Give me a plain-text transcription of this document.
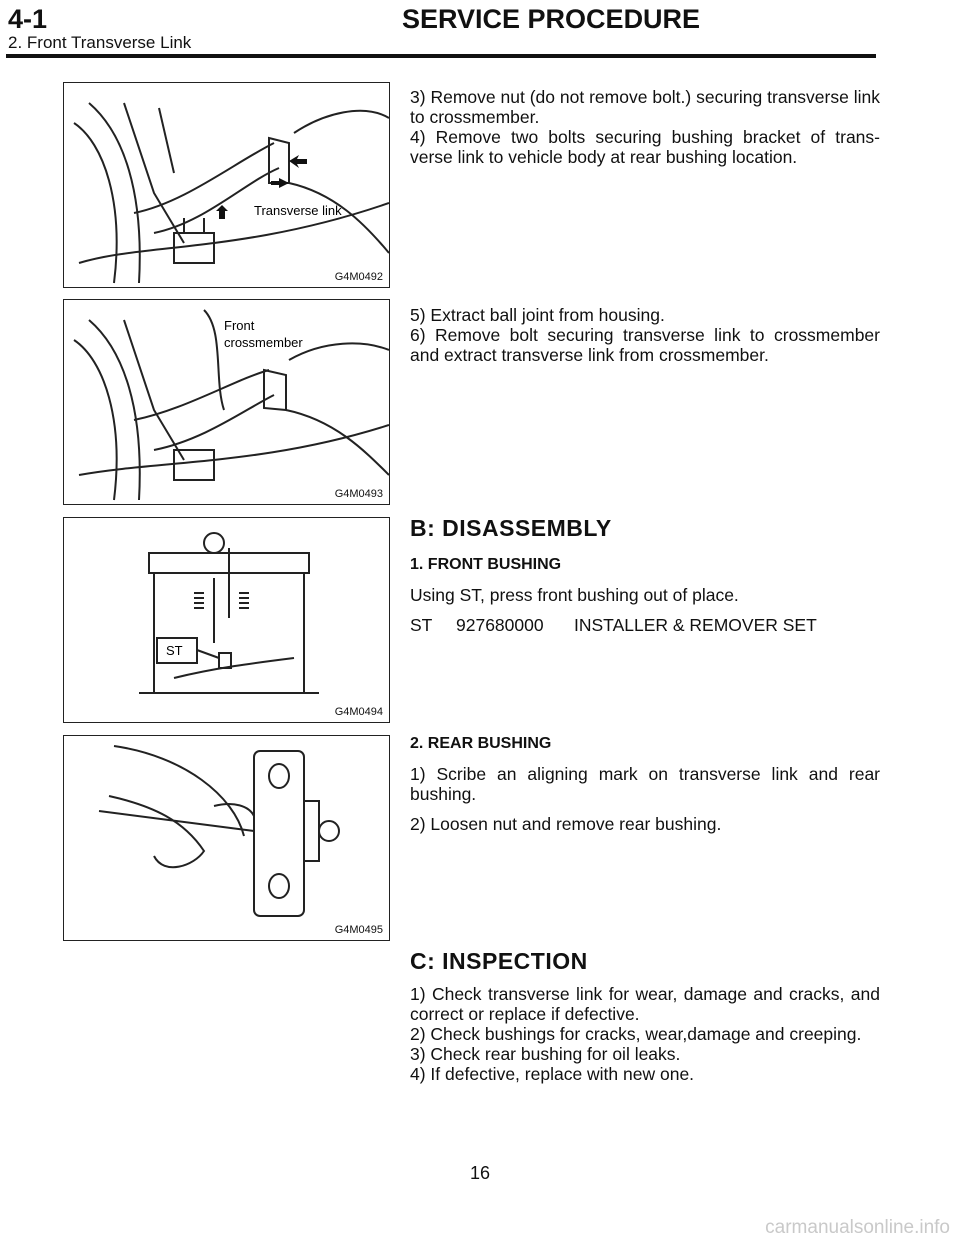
4-1	SERVICE PROCEDURE
2. Front Transverse Link
Transverse link
G4M0492
Front
crossmember
G4M0493
ST
G4M0494
G4M0495

3) Remove nut (do not remove bolt.) securing transverse link to crossmember.

4) Remove two bolts securing bushing bracket of trans-verse link to vehicle body at rear bushing location.

5) Extract ball joint from housing.

6) Remove bolt securing transverse link to crossmember and extract transverse link from crossmember.

B: DISASSEMBLY
1. FRONT BUSHING

Using ST, press front bushing out of place.

ST 927680000 INSTALLER & REMOVER SET
2. REAR BUSHING

1) Scribe an aligning mark on transverse link and rear bushing.

2) Loosen nut and remove rear bushing.

C: INSPECTION

1) Check transverse link for wear, damage and cracks, and correct or replace if defective.

2) Check bushings for cracks, wear,damage and creeping.

3) Check rear bushing for oil leaks.

4) If defective, replace with new one.

16
carmanualsonline.info
